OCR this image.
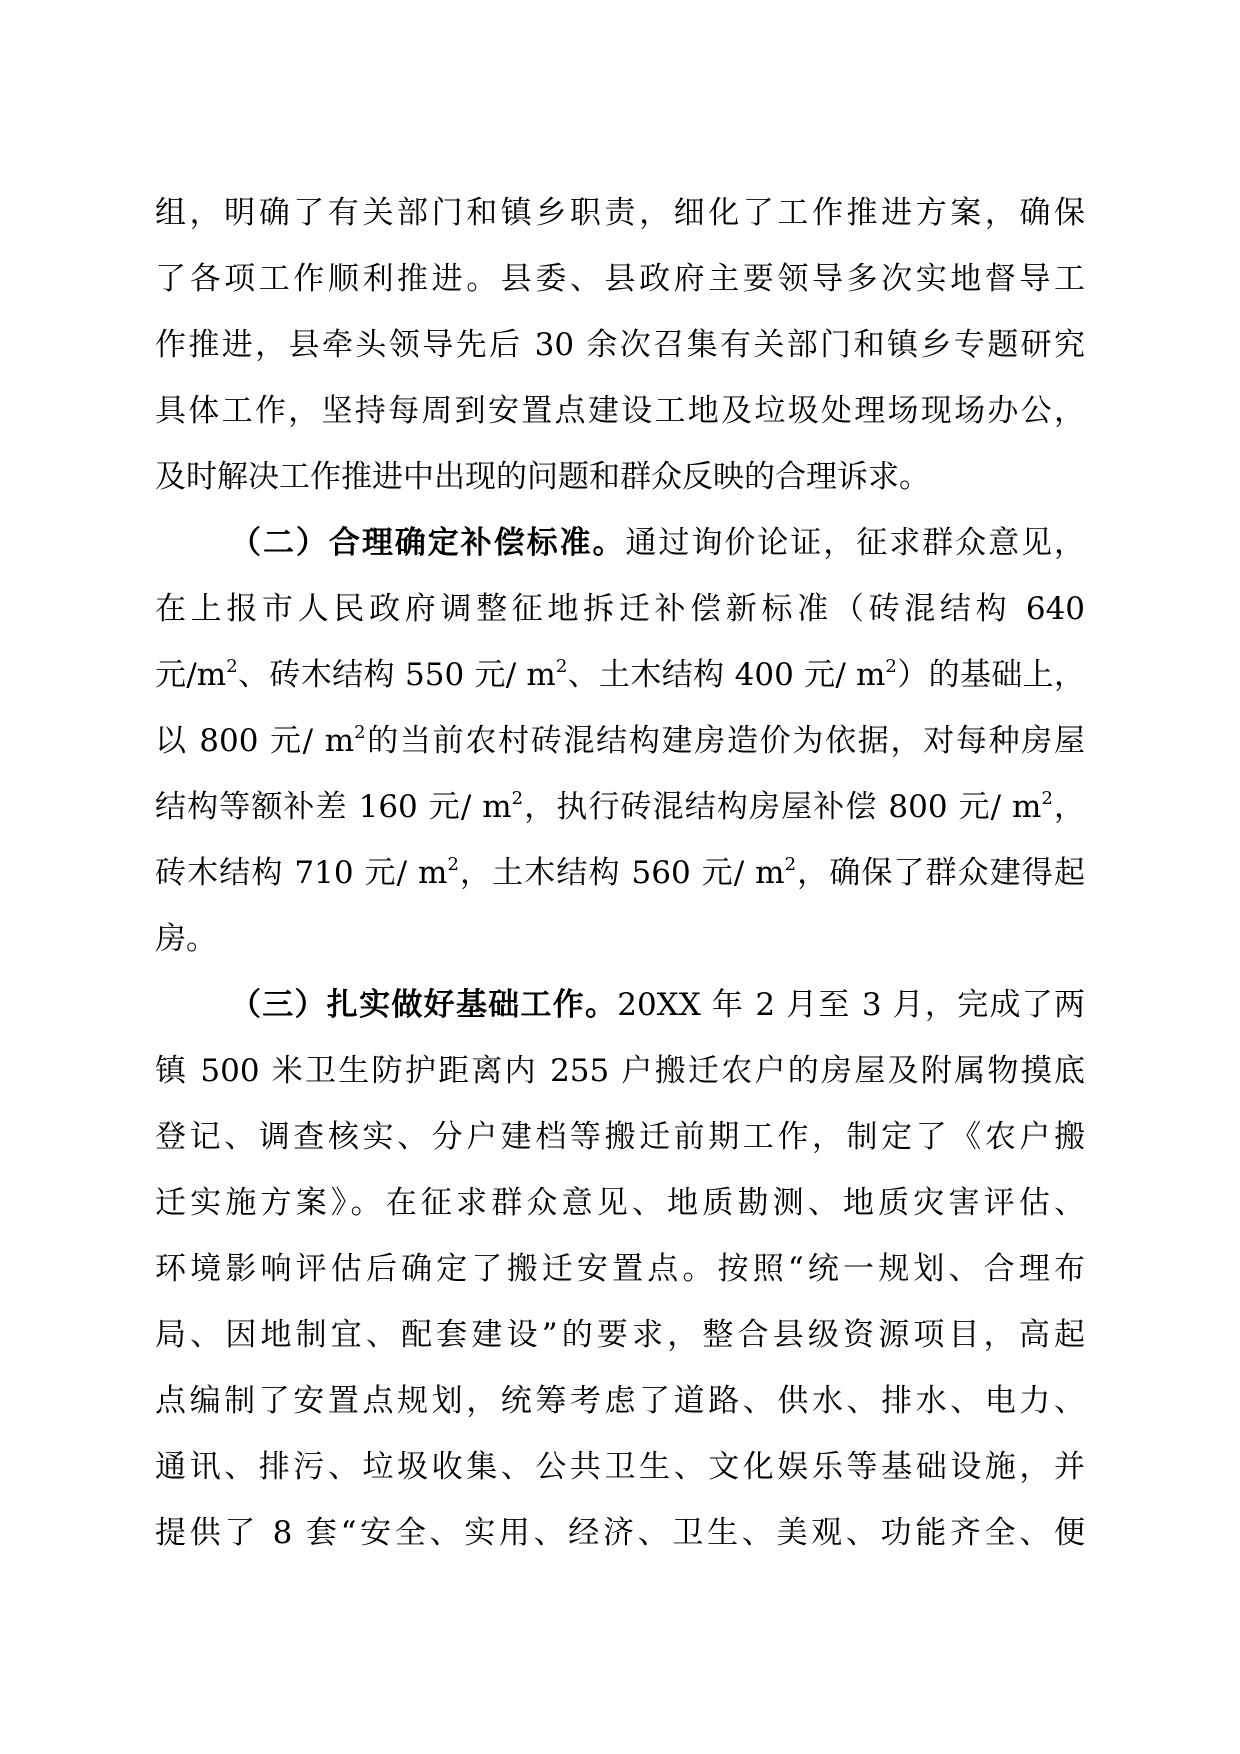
组，明确了有关部门和镇乡职责，细化了工作推进方案，确保
了各项工作顺利推进。县委、县政府主要领导多次实地督导工
作推进，县牵头领导先后 30 余次召集有关部门和镇乡专题研究
具体工作，坚持每周到安置点建设工地及垃圾处理场现场办公，
及时解决工作推进中出现的问题和群众反映的合理诉求。
（二）合理确定补偿标准。通过询价论证，征求群众意见，
在上报市人民政府调整征地拆迁补偿新标准（砖混结构 640
元$/m^2$、砖木结构 550 元/ $m^2$、土木结构 400 元/ $m^2$）的基础上，
以 800 元/ $m^2$的当前农村砖混结构建房造价为依据，对每种房屋
结构等额补差 160 元/ $m^2$，执行砖混结构房屋补偿 800 元/ $m^2$，
砖木结构 710 元/ $m^2$，土木结构 560 元/ $m^2$，确保了群众建得起
房。
（三）扎实做好基础工作。20XX 年 2 月至 3 月，完成了两
镇 500 米卫生防护距离内 255 户搬迁农户的房屋及附属物摸底
登记、调查核实、分户建档等搬迁前期工作，制定了《农户搬
迁实施方案》。在征求群众意见、地质勘测、地质灾害评估、
环境影响评估后确定了搬迁安置点。按照“统一规划、合理布
局、因地制宜、配套建设”的要求，整合县级资源项目，高起
点编制了安置点规划，统筹考虑了道路、供水、排水、电力、
通讯、排污、垃圾收集、公共卫生、文化娱乐等基础设施，并
提供了 8 套“安全、实用、经济、卫生、美观、功能齐全、便
